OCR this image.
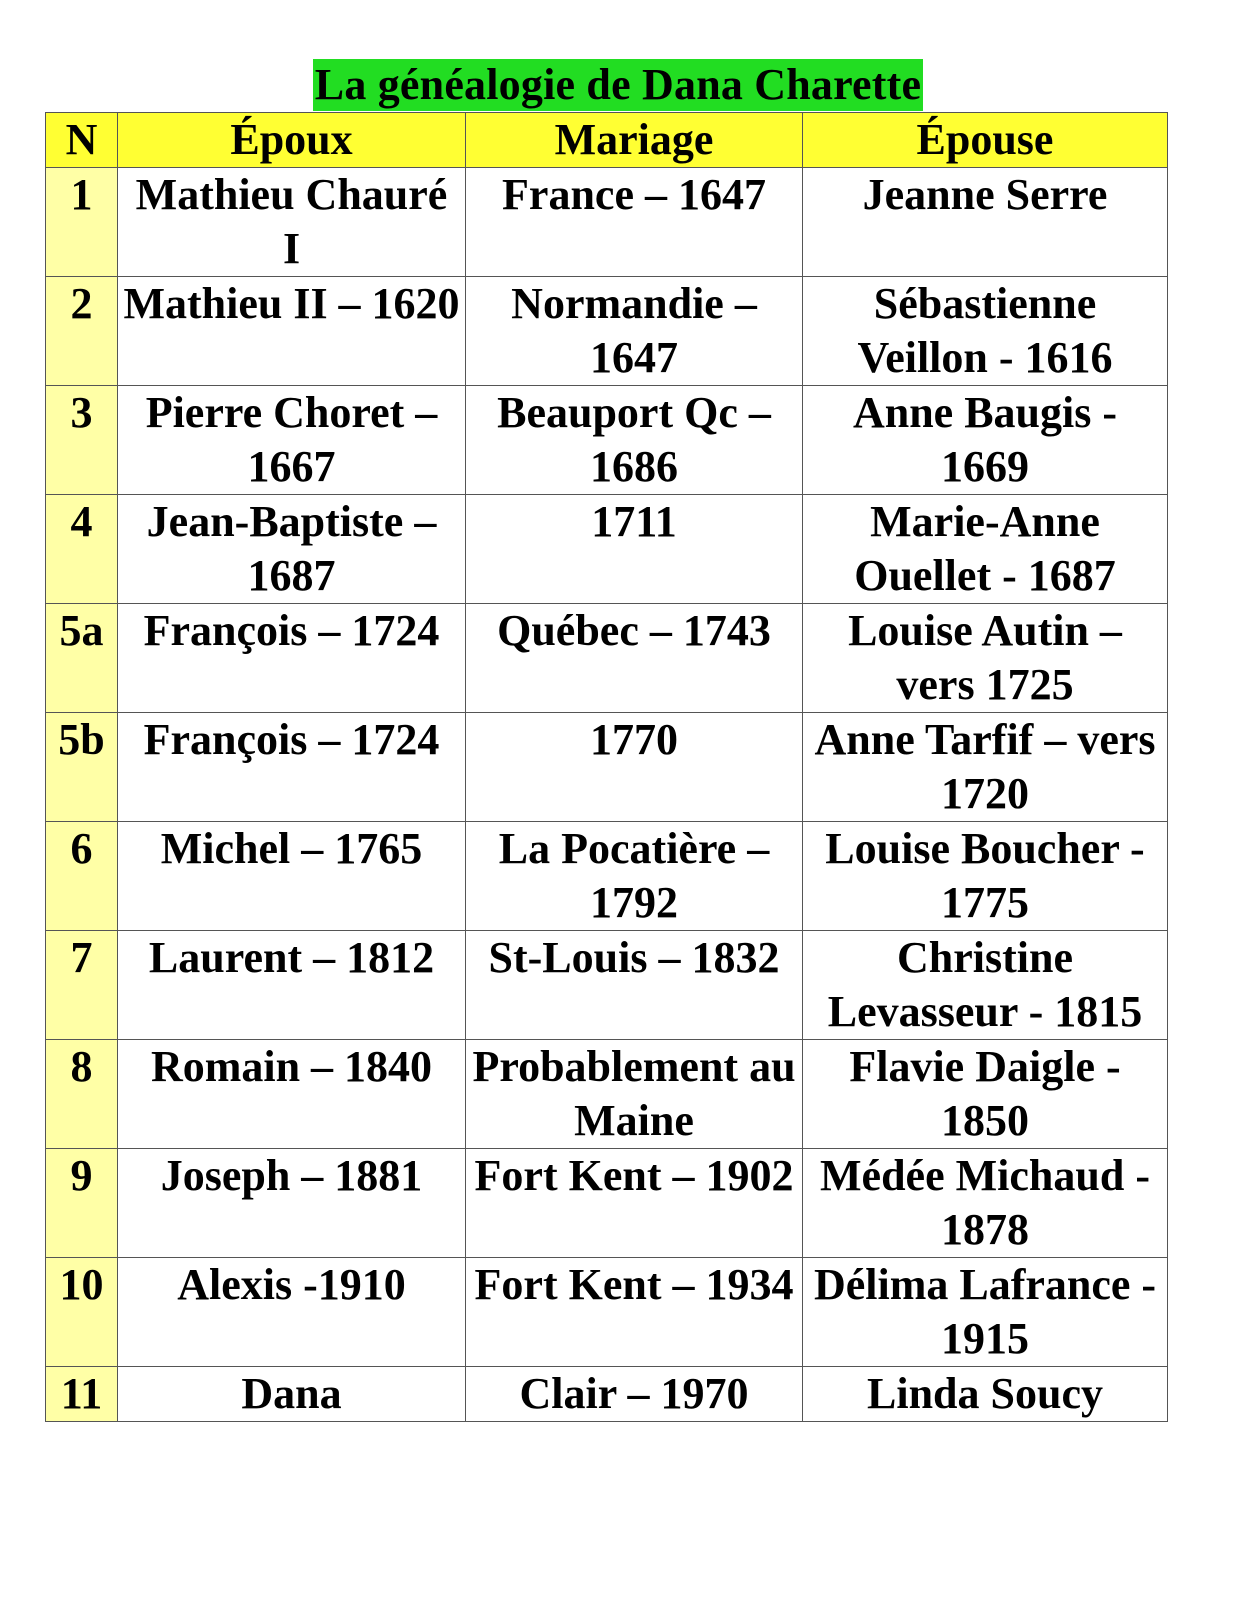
La généalogie de Dana Charette
N	Époux	Mariage	Épouse
1	Mathieu Chauré I	France – 1647	Jeanne Serre
2	Mathieu II – 1620	Normandie – 1647	Sébastienne Veillon - 1616
3	Pierre Choret – 1667	Beauport Qc – 1686	Anne Baugis - 1669
4	Jean-Baptiste – 1687	1711	Marie-Anne Ouellet - 1687
5a	François – 1724	Québec – 1743	Louise Autin – vers 1725
5b	François – 1724	1770	Anne Tarfif – vers 1720
6	Michel – 1765	La Pocatière – 1792	Louise Boucher - 1775
7	Laurent – 1812	St-Louis – 1832	Christine Levasseur - 1815
8	Romain – 1840	Probablement au Maine	Flavie Daigle - 1850
9	Joseph – 1881	Fort Kent – 1902	Médée Michaud - 1878
10	Alexis -1910	Fort Kent – 1934	Délima Lafrance - 1915
11	Dana	Clair – 1970	Linda Soucy
